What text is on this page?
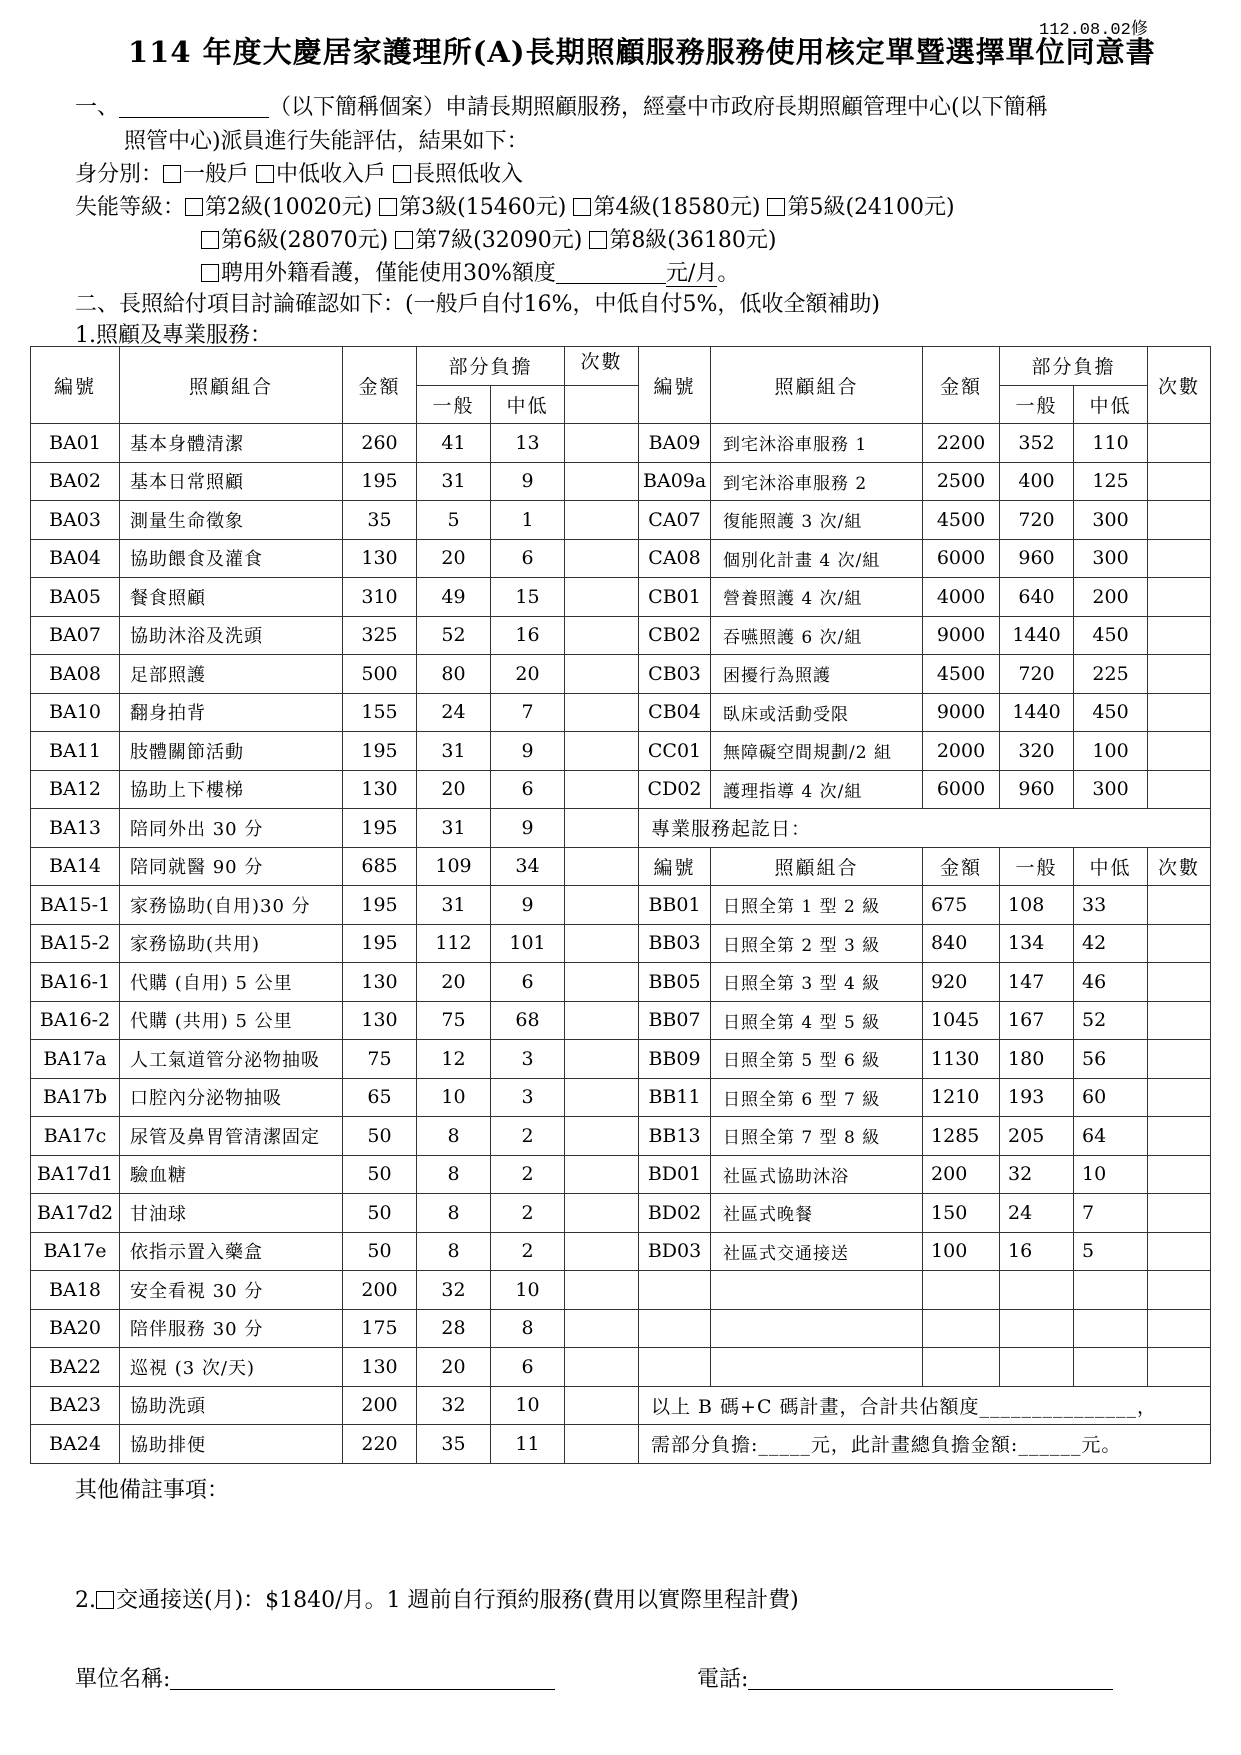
112.08.02修
114 年度大慶居家護理所(A)長期照顧服務服務使用核定單暨選擇單位同意書
一、	（以下簡稱個案）申請長期照顧服務，經臺中市政府長期照顧管理中心(以下簡稱
照管中心)派員進行失能評估，結果如下：
身分別： 一般戶 中低收入戶 長照低收入
失能等級： 第2級(10020元) 第3級(15460元) 第4級(18580元) 第5級(24100元)
第6級(28070元) 第7級(32090元) 第8級(36180元)
聘用外籍看護，僅能使用30%額度	元/月。
二、長照給付項目討論確認如下：(一般戶自付16%，中低自付5%，低收全額補助)
1.照顧及專業服務：
編號	照顧組合	金額	部分負擔		次數	編號	照顧組合	金額	部分負擔		次數
			一般	中低					一般	中低	
BA01	基本身體清潔	260	41	13		BA09	到宅沐浴車服務 1	2200	352	110	
BA02	基本日常照顧	195	31	9		BA09a	到宅沐浴車服務 2	2500	400	125	
BA03	測量生命徵象	35	5	1		CA07	復能照護 3 次/組	4500	720	300	
BA04	協助餵食及灌食	130	20	6		CA08	個別化計畫 4 次/組	6000	960	300	
BA05	餐食照顧	310	49	15		CB01	營養照護 4 次/組	4000	640	200	
BA07	協助沐浴及洗頭	325	52	16		CB02	吞嚥照護 6 次/組	9000	1440	450	
BA08	足部照護	500	80	20		CB03	困擾行為照護	4500	720	225	
BA10	翻身拍背	155	24	7		CB04	臥床或活動受限	9000	1440	450	
BA11	肢體關節活動	195	31	9		CC01	無障礙空間規劃/2 組	2000	320	100	
BA12	協助上下樓梯	130	20	6		CD02	護理指導 4 次/組	6000	960	300	
BA13	陪同外出 30 分	195	31	9		專業服務起訖日：					
BA14	陪同就醫 90 分	685	109	34		編號	照顧組合	金額	一般	中低	次數
BA15-1	家務協助(自用)30 分	195	31	9		BB01	日照全第 1 型 2 級	675	108	33	
BA15-2	家務協助(共用)	195	112	101		BB03	日照全第 2 型 3 級	840	134	42	
BA16-1	代購 (自用) 5 公里	130	20	6		BB05	日照全第 3 型 4 級	920	147	46	
BA16-2	代購 (共用) 5 公里	130	75	68		BB07	日照全第 4 型 5 級	1045	167	52	
BA17a	人工氣道管分泌物抽吸	75	12	3		BB09	日照全第 5 型 6 級	1130	180	56	
BA17b	口腔內分泌物抽吸	65	10	3		BB11	日照全第 6 型 7 級	1210	193	60	
BA17c	尿管及鼻胃管清潔固定	50	8	2		BB13	日照全第 7 型 8 級	1285	205	64	
BA17d1	驗血糖	50	8	2		BD01	社區式協助沐浴	200	32	10	
BA17d2	甘油球	50	8	2		BD02	社區式晚餐	150	24	7	
BA17e	依指示置入藥盒	50	8	2		BD03	社區式交通接送	100	16	5	
BA18	安全看視 30 分	200	32	10							
BA20	陪伴服務 30 分	175	28	8							
BA22	巡視 (3 次/天)	130	20	6							
BA23	協助洗頭	200	32	10		以上 B 碼+C 碼計畫，合計共佔額度_______________，					
BA24	協助排便	220	35	11		需部分負擔:_____元，此計畫總負擔金額:______元。					
其他備註事項：
2. 交通接送(月)：$1840/月。1 週前自行預約服務(費用以實際里程計費)
單位名稱:	電話:
